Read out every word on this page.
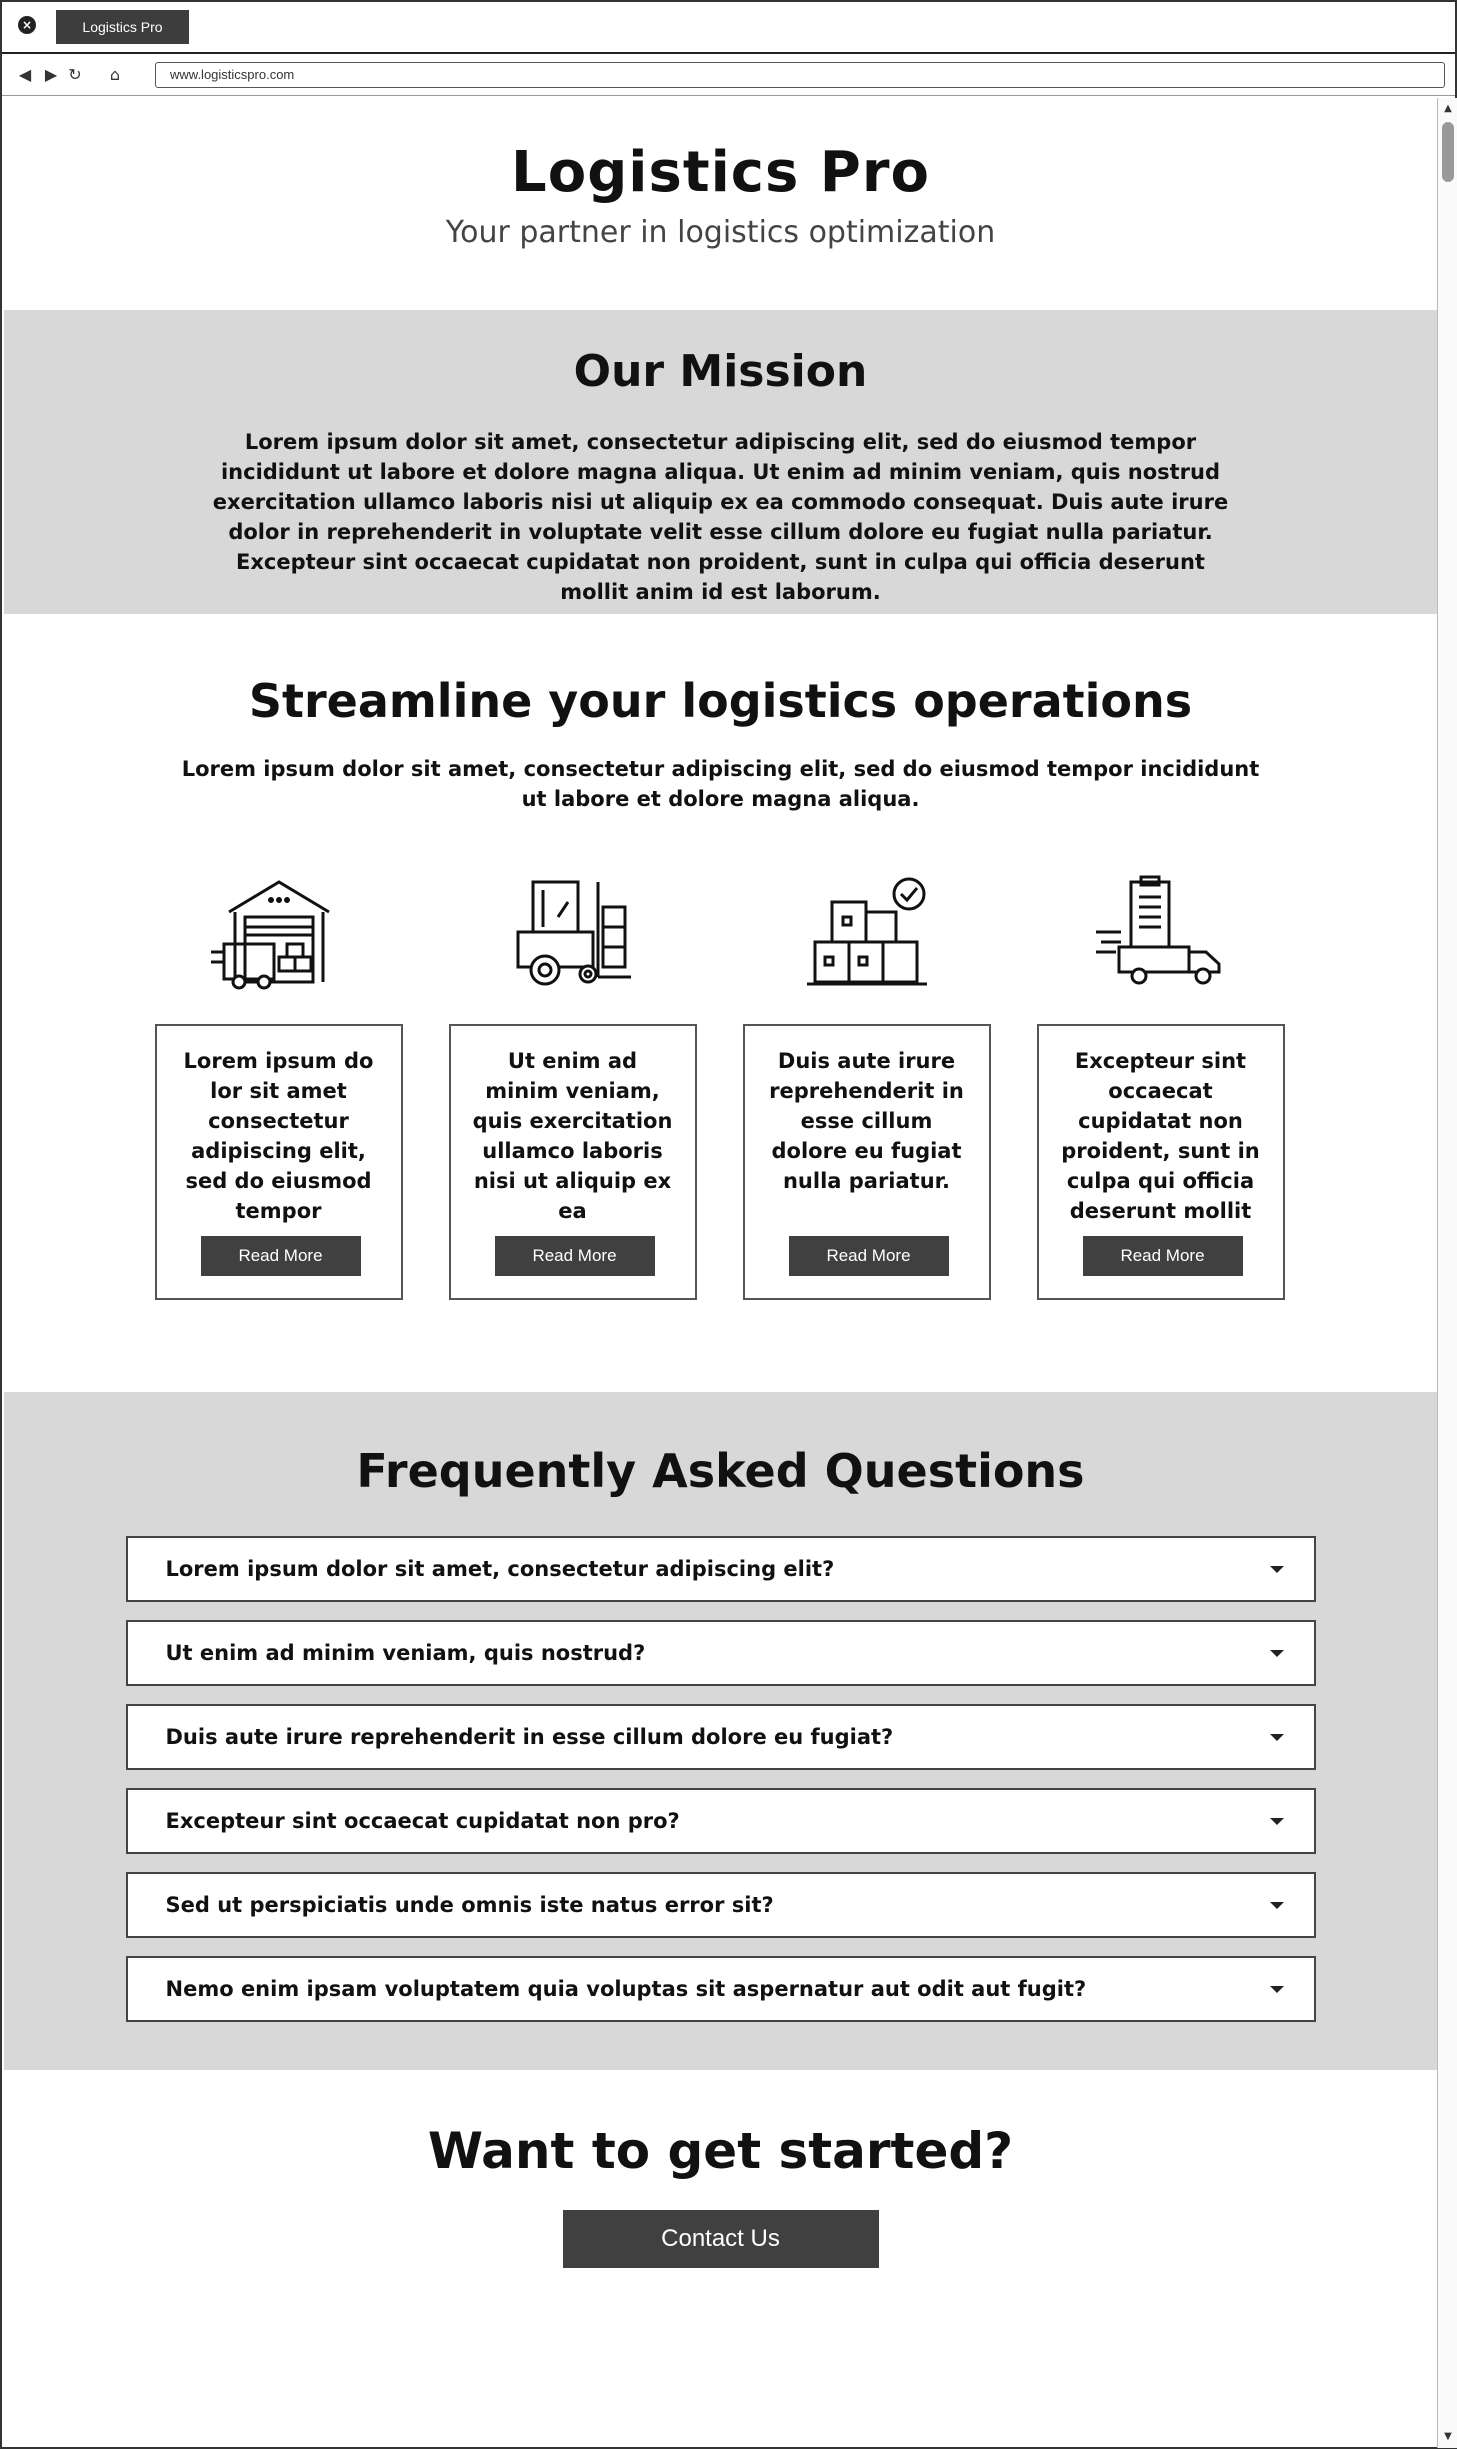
×	Logistics Pro
◀ ▶ ↻	⌂	www.logisticspro.com
▲
▼
Logistics Pro
Your partner in logistics optimization
Our Mission

Lorem ipsum dolor sit amet, consectetur adipiscing elit, sed do eiusmod tempor incididunt ut labore et dolore magna aliqua. Ut enim ad minim veniam, quis nostrud exercitation ullamco laboris nisi ut aliquip ex ea commodo consequat. Duis aute irure dolor in reprehenderit in voluptate velit esse cillum dolore eu fugiat nulla pariatur. Excepteur sint occaecat cupidatat non proident, sunt in culpa qui officia deserunt mollit anim id est laborum.

Streamline your logistics operations

Lorem ipsum dolor sit amet, consectetur adipiscing elit, sed do eiusmod tempor incididunt ut labore et dolore magna aliqua.

Lorem ipsum do lor sit amet consectetur adipiscing elit, sed do eiusmod tempor

Read More

Ut enim ad minim veniam, quis exercitation ullamco laboris nisi ut aliquip ex ea

Read More

Duis aute irure reprehenderit in esse cillum dolore eu fugiat nulla pariatur.

Read More

Excepteur sint occaecat cupidatat non proident, sunt in culpa qui officia deserunt mollit

Read More
Frequently Asked Questions
Lorem ipsum dolor sit amet, consectetur adipiscing elit?
Ut enim ad minim veniam, quis nostrud?
Duis aute irure reprehenderit in esse cillum dolore eu fugiat?
Excepteur sint occaecat cupidatat non pro?
Sed ut perspiciatis unde omnis iste natus error sit?
Nemo enim ipsam voluptatem quia voluptas sit aspernatur aut odit aut fugit?
Want to get started?
Contact Us
